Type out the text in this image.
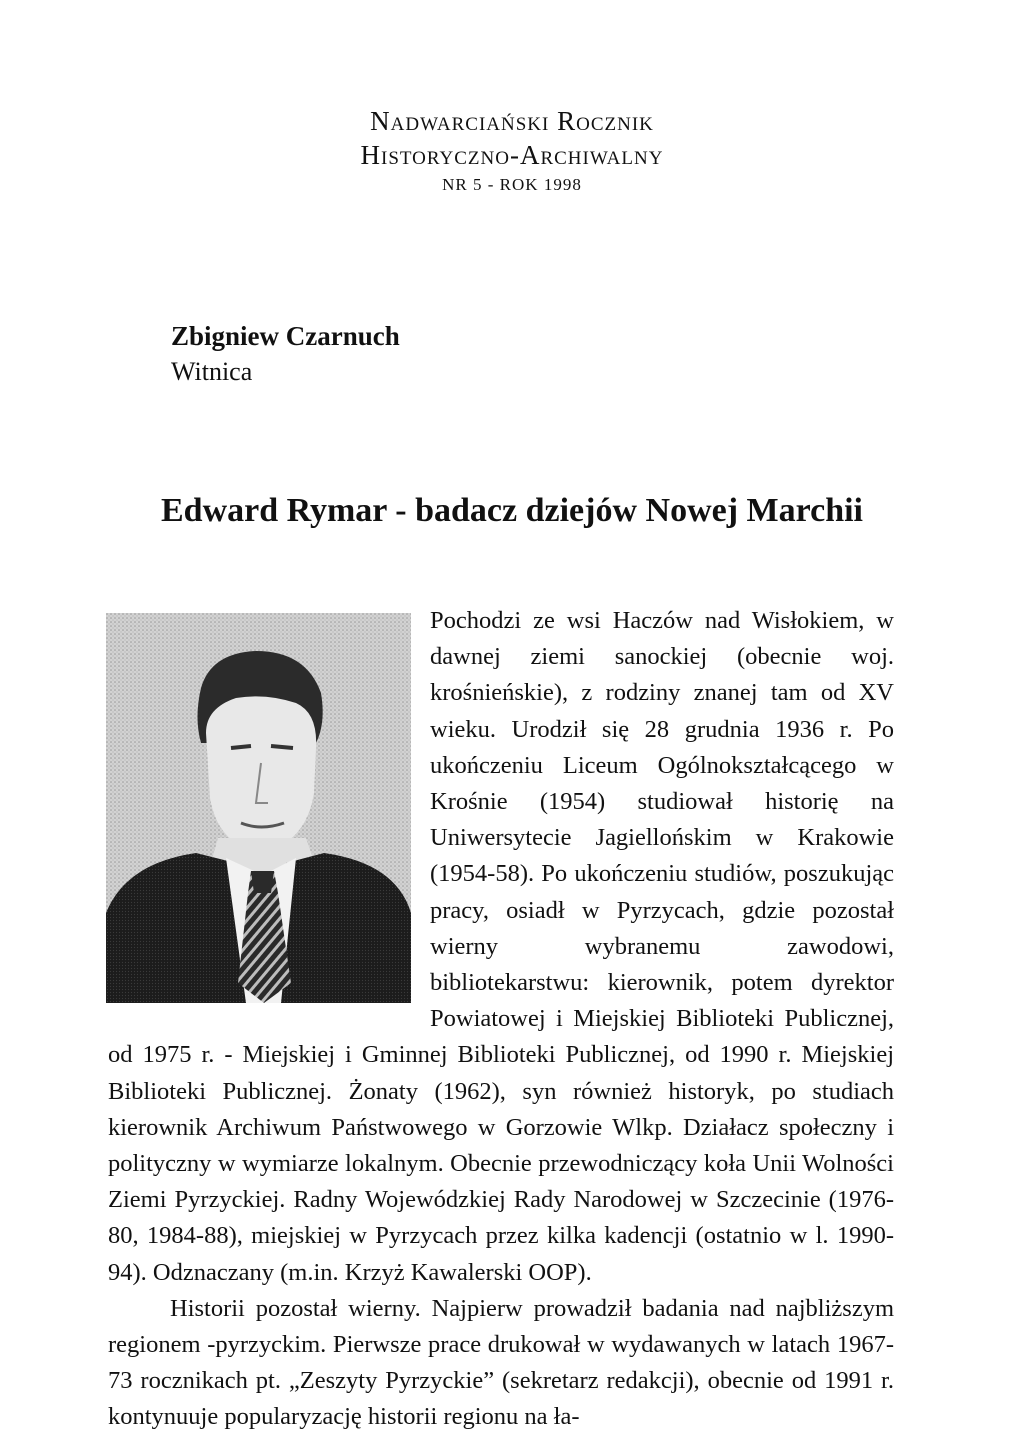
Nadwarciański Rocznik
Historyczno-Archiwalny
NR 5 - ROK 1998
Zbigniew Czarnuch
Witnica
Edward Rymar - badacz dziejów Nowej Marchii

Pochodzi ze wsi Haczów nad Wisłokiem, w dawnej ziemi sanockiej (obecnie woj. krośnieńskie), z rodziny znanej tam od XV wieku. Urodził się 28 grudnia 1936 r. Po ukończeniu Liceum Ogólnokształcącego w Krośnie (1954) studiował historię na Uniwersytecie Jagiellońskim w Krakowie (1954-58). Po ukończeniu studiów, poszukując pracy, osiadł w Pyrzycach, gdzie pozostał wierny wybranemu zawodowi, bibliotekarstwu: kierownik, potem dyrektor Powiatowej i Miejskiej Biblioteki Publicznej, od 1975 r. - Miejskiej i Gminnej Biblioteki Publicznej, od 1990 r. Miejskiej Biblioteki Publicznej. Żonaty (1962), syn również historyk, po studiach kierownik Archiwum Państwowego w Gorzowie Wlkp. Działacz społeczny i polityczny w wymiarze lokalnym. Obecnie przewodniczący koła Unii Wolności Ziemi Pyrzyckiej. Radny Wojewódzkiej Rady Narodowej w Szczecinie (1976-80, 1984-88), miejskiej w Pyrzycach przez kilka kadencji (ostatnio w l. 1990-94). Odznaczany (m.in. Krzyż Kawalerski OOP).

Historii pozostał wierny. Najpierw prowadził badania nad najbliższym regionem -pyrzyckim. Pierwsze prace drukował w wydawanych w latach 1967-73 rocznikach pt. „Zeszyty Pyrzyckie” (sekretarz redakcji), obecnie od 1991 r. kontynuuje popularyzację historii regionu na ła-
